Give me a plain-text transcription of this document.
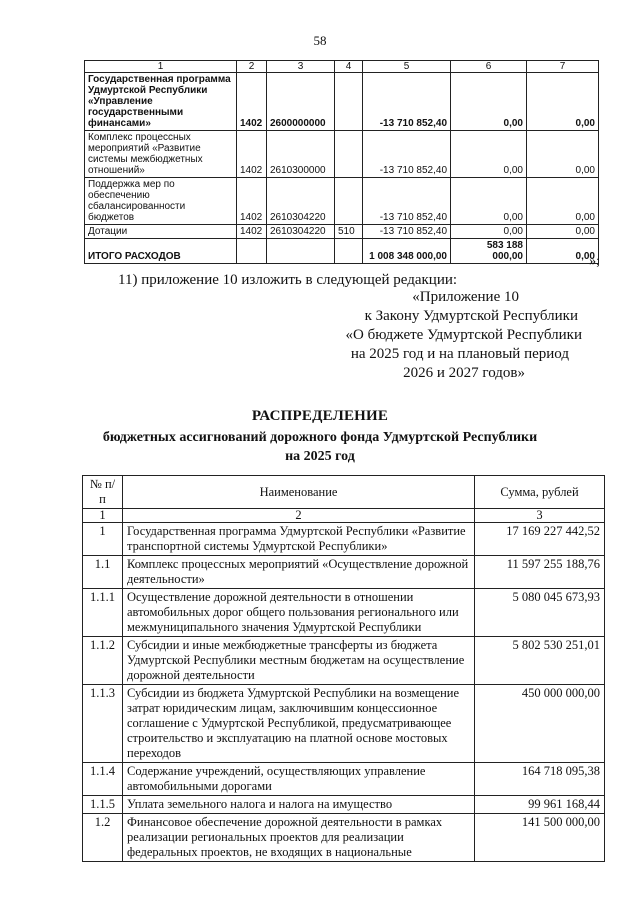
58
1	2	3	4	5	6	7
Государственная программа Удмуртской Республики «Управление государственными финансами»	1402	2600000000		-13 710 852,40	0,00	0,00
Комплекс процессных мероприятий «Развитие системы межбюджетных отношений»	1402	2610300000		-13 710 852,40	0,00	0,00
Поддержка мер по обеспечению сбалансированности бюджетов	1402	2610304220		-13 710 852,40	0,00	0,00
Дотации	1402	2610304220	510	-13 710 852,40	0,00	0,00
ИТОГО РАСХОДОВ				1 008 348 000,00	583 188 000,00	0,00
»;
11) приложение 10 изложить в следующей редакции:
«Приложение 10
к Закону Удмуртской Республики
«О бюджете Удмуртской Республики
на 2025 год и на плановый период
2026 и 2027 годов»
РАСПРЕДЕЛЕНИЕ
бюджетных ассигнований дорожного фонда Удмуртской Республики
на 2025 год
№ п/п	Наименование	Сумма, рублей
1	2	3
1	Государственная программа Удмуртской Республики «Развитие транспортной системы Удмуртской Республики»	17 169 227 442,52
1.1	Комплекс процессных мероприятий «Осуществление дорожной деятельности»	11 597 255 188,76
1.1.1	Осуществление дорожной деятельности в отношении автомобильных дорог общего пользования регионального или межмуниципального значения Удмуртской Республики	5 080 045 673,93
1.1.2	Субсидии и иные межбюджетные трансферты из бюджета Удмуртской Республики местным бюджетам на осуществление дорожной деятельности	5 802 530 251,01
1.1.3	Субсидии из бюджета Удмуртской Республики на возмещение затрат юридическим лицам, заключившим концессионное соглашение с Удмуртской Республикой, предусматривающее строительство и эксплуатацию на платной основе мостовых переходов	450 000 000,00
1.1.4	Содержание учреждений, осуществляющих управление автомобильными дорогами	164 718 095,38
1.1.5	Уплата земельного налога и налога на имущество	99 961 168,44
1.2	Финансовое обеспечение дорожной деятельности в рамках реализации региональных проектов для реализации федеральных проектов, не входящих в национальные	141 500 000,00
